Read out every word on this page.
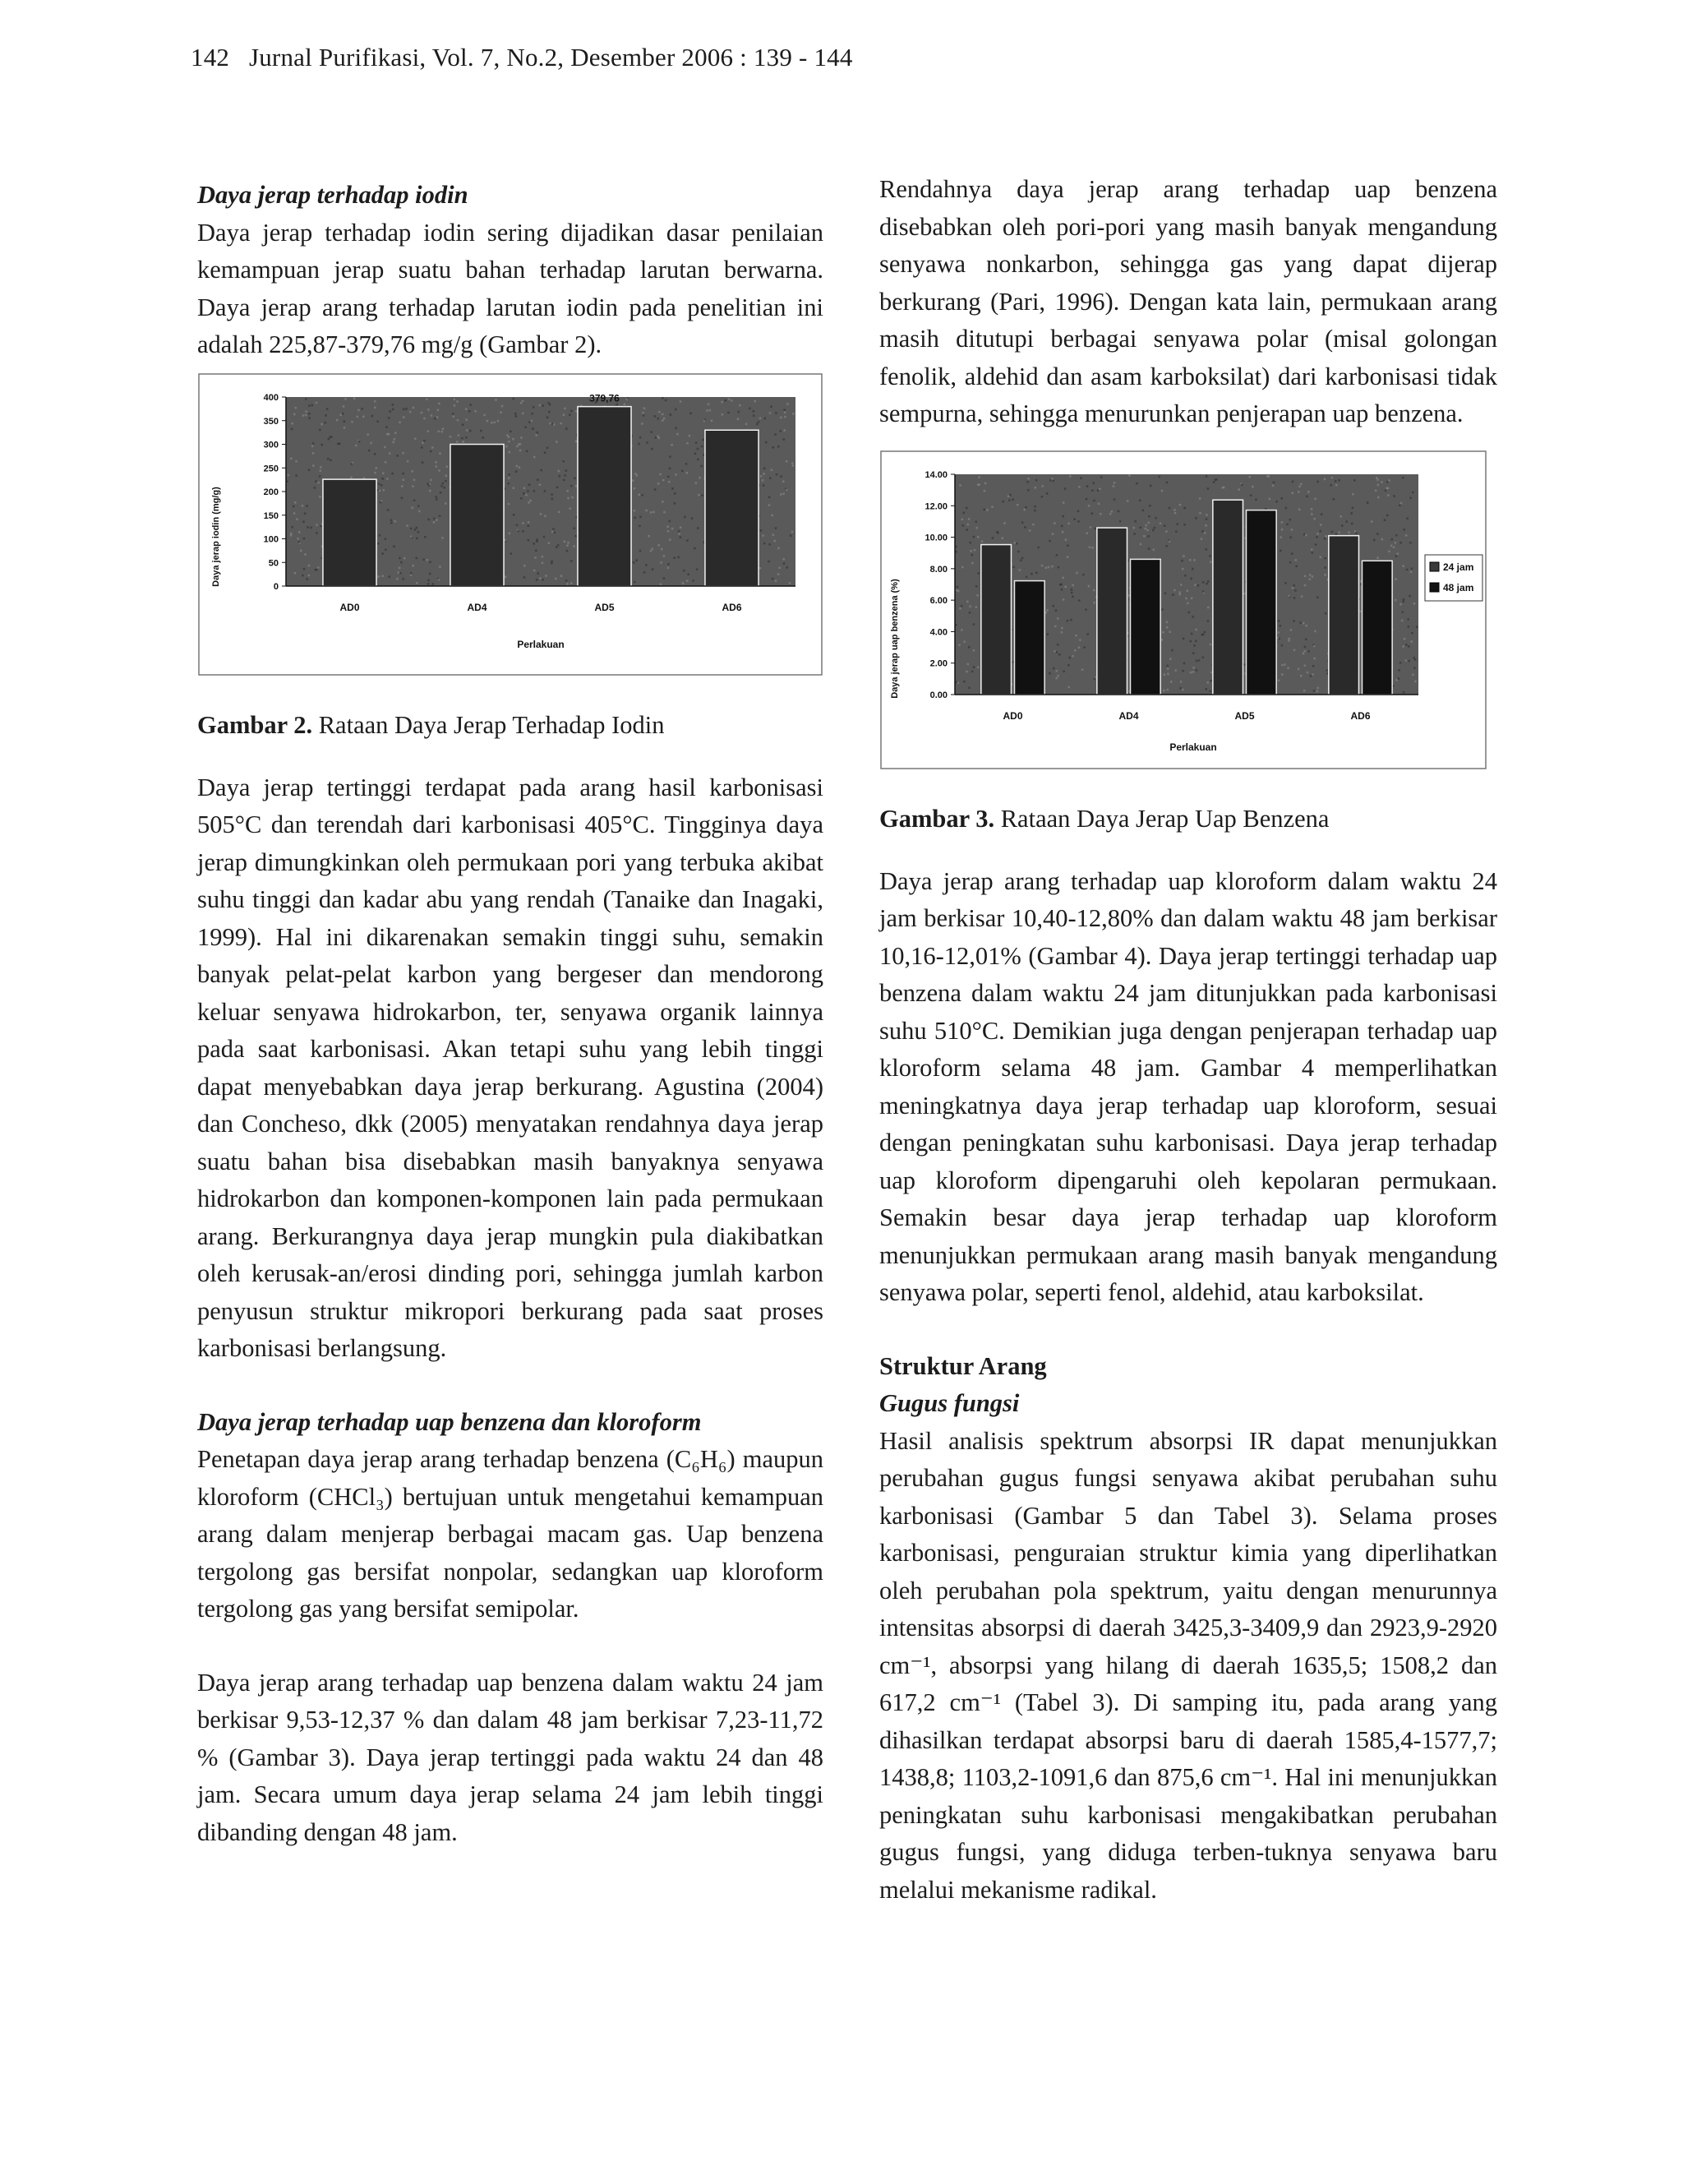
142 Jurnal Purifikasi, Vol. 7, No.2, Desember 2006 : 139 - 144

Daya jerap terhadap iodin

Daya jerap terhadap iodin sering dijadikan dasar penilaian kemampuan jerap suatu bahan terhadap larutan berwarna. Daya jerap arang terhadap larutan iodin pada penelitian ini adalah 225,87-379,76 mg/g (Gambar 2).

379,76
0
50
100
150
200
250
300
350
400
AD0	AD4	AD5	AD6
Daya jerap iodin (mg/g)
Perlakuan

Gambar 2. Rataan Daya Jerap Terhadap Iodin

Daya jerap tertinggi terdapat pada arang hasil karbonisasi 505°C dan terendah dari karbonisasi 405°C. Tingginya daya jerap dimungkinkan oleh permukaan pori yang terbuka akibat suhu tinggi dan kadar abu yang rendah (Tanaike dan Inagaki, 1999). Hal ini dikarenakan semakin tinggi suhu, semakin banyak pelat-pelat karbon yang bergeser dan mendorong keluar senyawa hidrokarbon, ter, senyawa organik lainnya pada saat karbonisasi. Akan tetapi suhu yang lebih tinggi dapat menyebabkan daya jerap berkurang. Agustina (2004) dan Concheso, dkk (2005) menyatakan rendahnya daya jerap suatu bahan bisa disebabkan masih banyaknya senyawa hidrokarbon dan komponen-komponen lain pada permukaan arang. Berkurangnya daya jerap mungkin pula diakibatkan oleh kerusak-an/erosi dinding pori, sehingga jumlah karbon penyusun struktur mikropori berkurang pada saat proses karbonisasi berlangsung.

Daya jerap terhadap uap benzena dan kloroform

Penetapan daya jerap arang terhadap benzena (C₆H₆) maupun kloroform (CHCl₃) bertujuan untuk mengetahui kemampuan arang dalam menjerap berbagai macam gas. Uap benzena tergolong gas bersifat nonpolar, sedangkan uap kloroform tergolong gas yang bersifat semipolar.

Daya jerap arang terhadap uap benzena dalam waktu 24 jam berkisar 9,53-12,37 % dan dalam 48 jam berkisar 7,23-11,72 % (Gambar 3). Daya jerap tertinggi pada waktu 24 dan 48 jam. Secara umum daya jerap selama 24 jam lebih tinggi dibanding dengan 48 jam.

Rendahnya daya jerap arang terhadap uap benzena disebabkan oleh pori-pori yang masih banyak mengandung senyawa nonkarbon, sehingga gas yang dapat dijerap berkurang (Pari, 1996). Dengan kata lain, permukaan arang masih ditutupi berbagai senyawa polar (misal golongan fenolik, aldehid dan asam karboksilat) dari karbonisasi tidak sempurna, sehingga menurunkan penjerapan uap benzena.

0.00
2.00
4.00
6.00
8.00
10.00
12.00
14.00
AD0	AD4	AD5	AD6
24 jam
48 jam
Daya jerap uap benzena (%)
Perlakuan

Gambar 3. Rataan Daya Jerap Uap Benzena

Daya jerap arang terhadap uap kloroform dalam waktu 24 jam berkisar 10,40-12,80% dan dalam waktu 48 jam berkisar 10,16-12,01% (Gambar 4). Daya jerap tertinggi terhadap uap benzena dalam waktu 24 jam ditunjukkan pada karbonisasi suhu 510°C. Demikian juga dengan penjerapan terhadap uap kloroform selama 48 jam. Gambar 4 memperlihatkan meningkatnya daya jerap terhadap uap kloroform, sesuai dengan peningkatan suhu karbonisasi. Daya jerap terhadap uap kloroform dipengaruhi oleh kepolaran permukaan. Semakin besar daya jerap terhadap uap kloroform menunjukkan permukaan arang masih banyak mengandung senyawa polar, seperti fenol, aldehid, atau karboksilat.

Struktur Arang

Gugus fungsi

Hasil analisis spektrum absorpsi IR dapat menunjukkan perubahan gugus fungsi senyawa akibat perubahan suhu karbonisasi (Gambar 5 dan Tabel 3). Selama proses karbonisasi, penguraian struktur kimia yang diperlihatkan oleh perubahan pola spektrum, yaitu dengan menurunnya intensitas absorpsi di daerah 3425,3-3409,9 dan 2923,9-2920 cm⁻¹, absorpsi yang hilang di daerah 1635,5; 1508,2 dan 617,2 cm⁻¹ (Tabel 3). Di samping itu, pada arang yang dihasilkan terdapat absorpsi baru di daerah 1585,4-1577,7; 1438,8; 1103,2-1091,6 dan 875,6 cm⁻¹. Hal ini menunjukkan peningkatan suhu karbonisasi mengakibatkan perubahan gugus fungsi, yang diduga terben-tuknya senyawa baru melalui mekanisme radikal.
